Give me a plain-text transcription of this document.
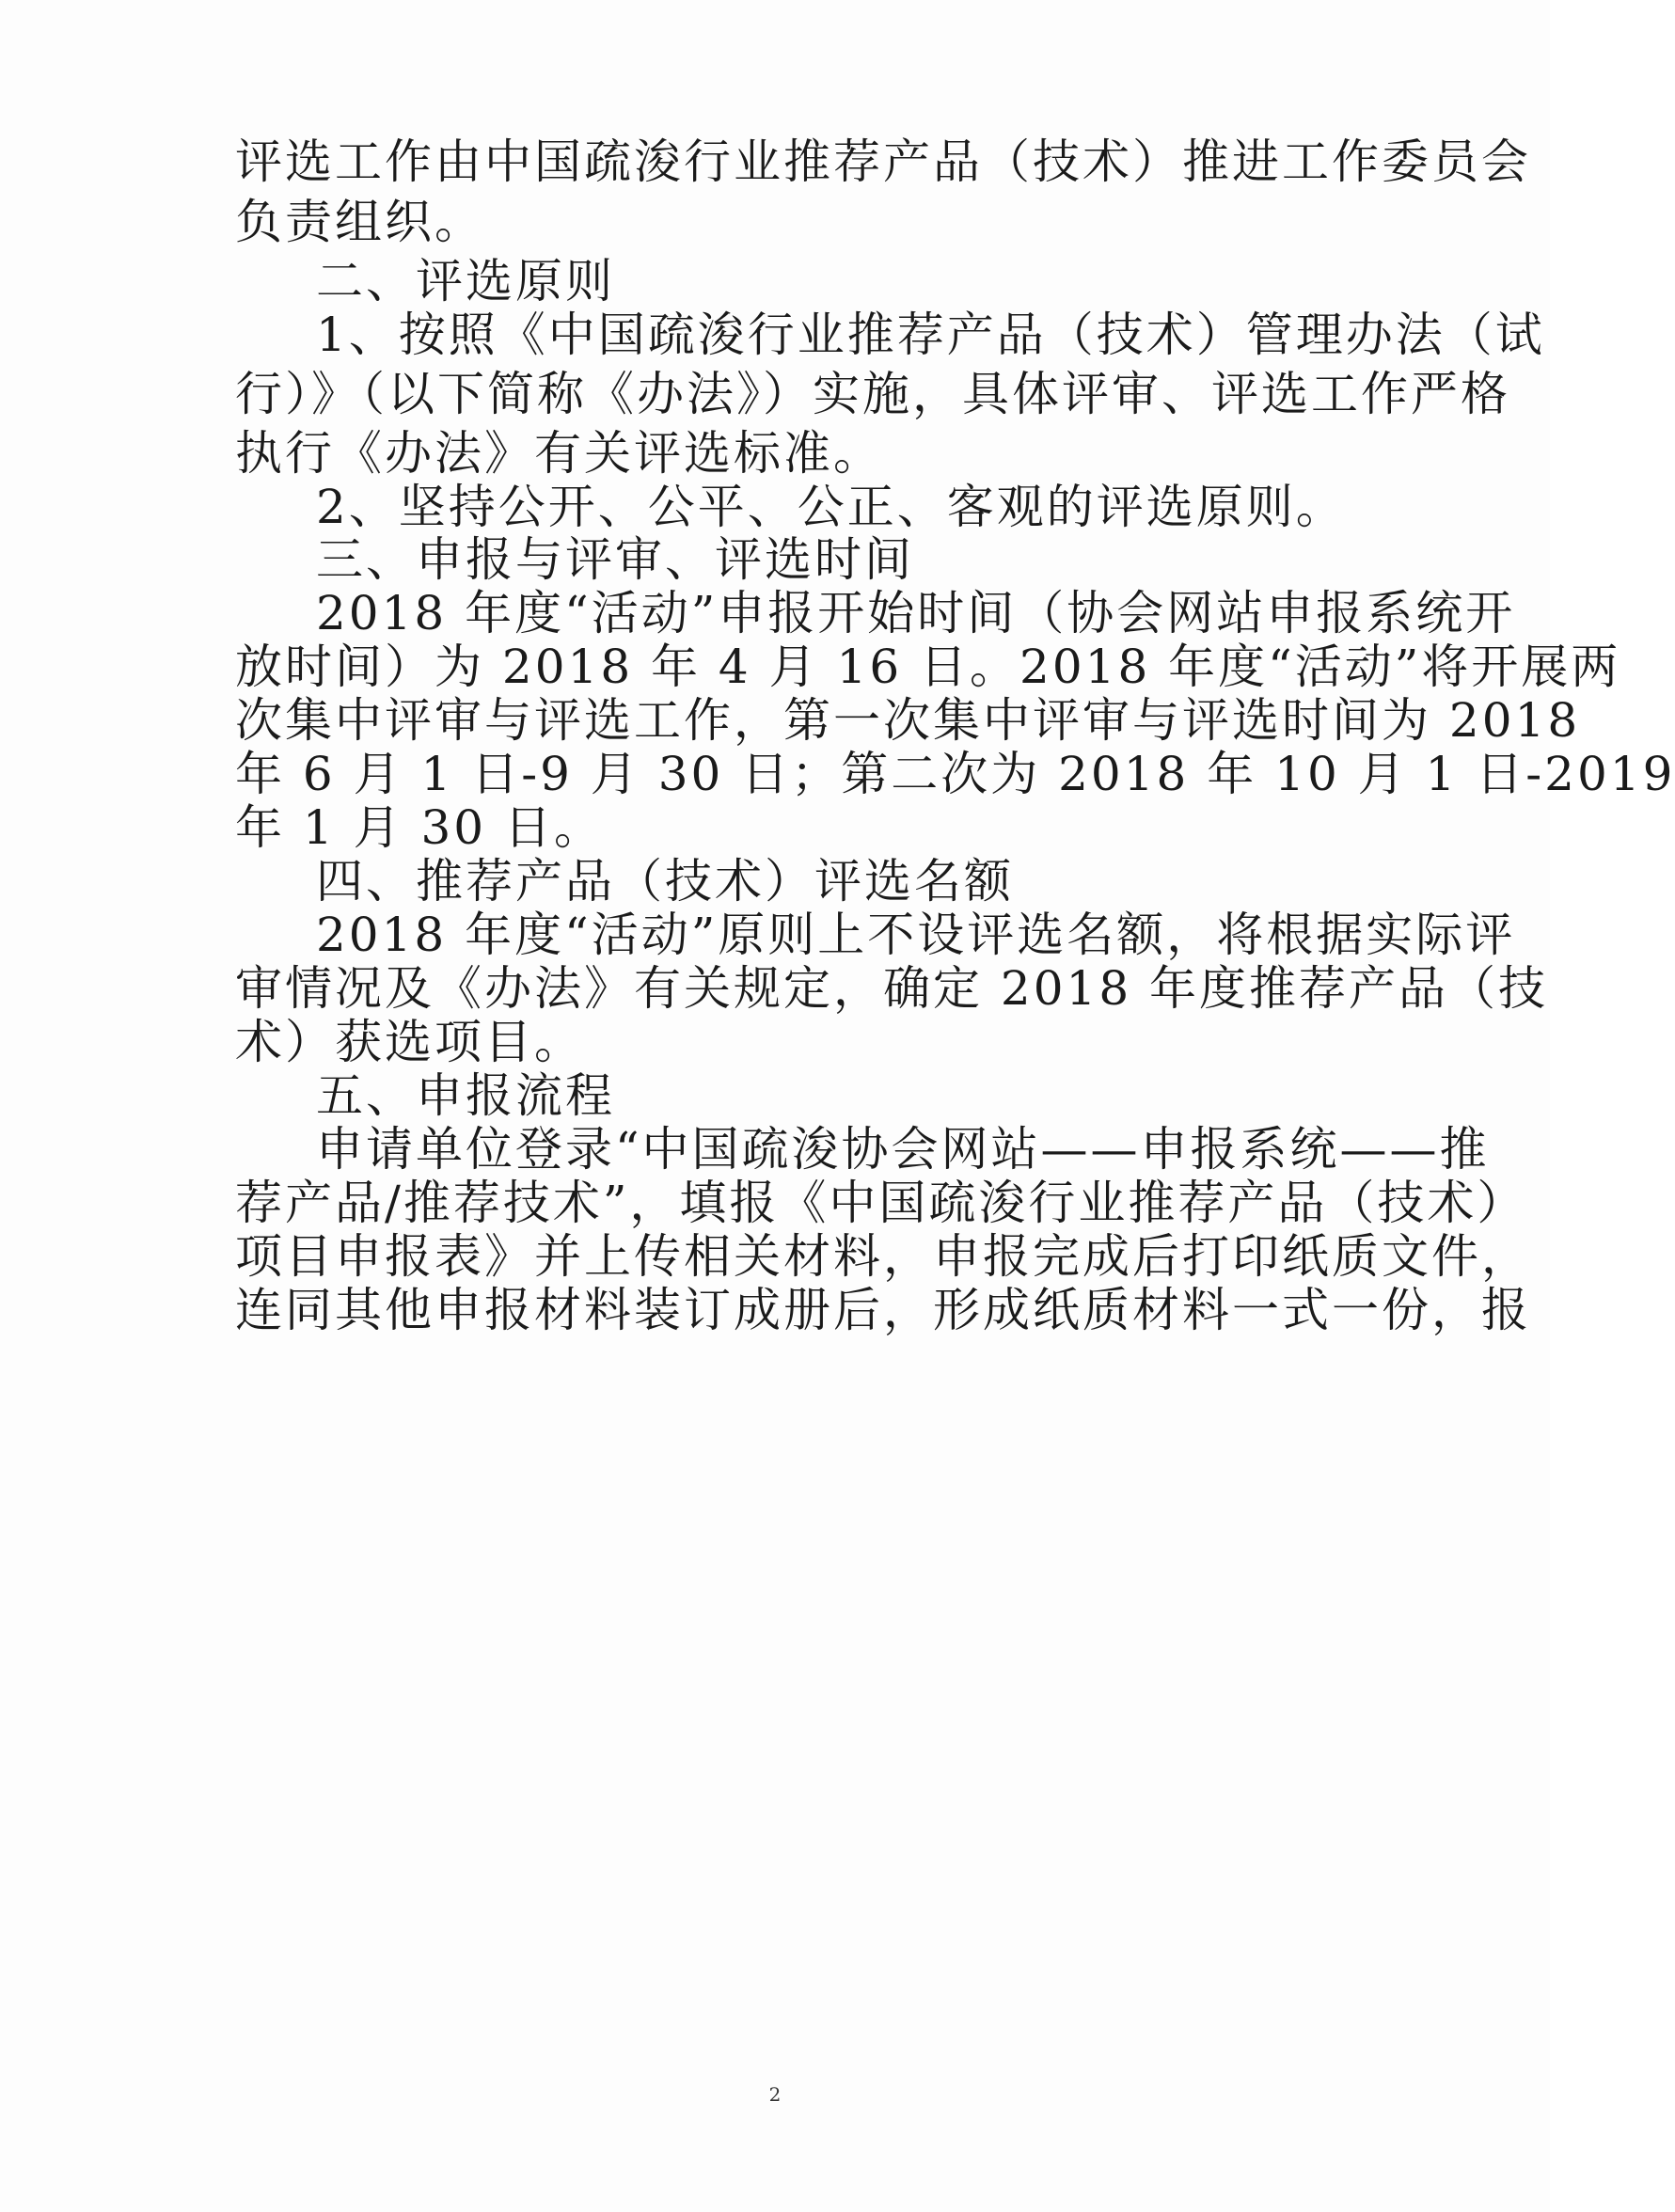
评选工作由中国疏浚行业推荐产品（技术）推进工作委员会
负责组织。
二、评选原则
1、按照《中国疏浚行业推荐产品（技术）管理办法（试
行）》（以下简称《办法》）实施，具体评审、评选工作严格
执行《办法》有关评选标准。
2、坚持公开、公平、公正、客观的评选原则。
三、申报与评审、评选时间
2018 年度“活动”申报开始时间（协会网站申报系统开
放时间）为 2018 年 4 月 16 日。2018 年度“活动”将开展两
次集中评审与评选工作，第一次集中评审与评选时间为 2018
年 6 月 1 日-9 月 30 日；第二次为 2018 年 10 月 1 日-2019
年 1 月 30 日。
四、推荐产品（技术）评选名额
2018 年度“活动”原则上不设评选名额，将根据实际评
审情况及《办法》有关规定，确定 2018 年度推荐产品（技
术）获选项目。
五、申报流程
申请单位登录“中国疏浚协会网站——申报系统——推
荐产品/推荐技术”，填报《中国疏浚行业推荐产品（技术）
项目申报表》并上传相关材料，申报完成后打印纸质文件，
连同其他申报材料装订成册后，形成纸质材料一式一份，报
2
